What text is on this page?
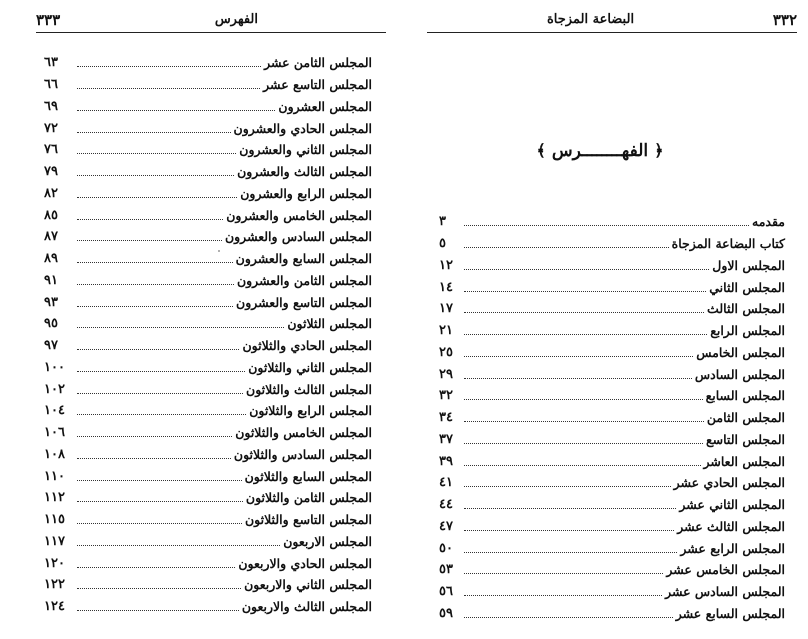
٣٣٣	الفهرس
المجلس الثامن عشر
٦٣
المجلس التاسع عشر
٦٦
المجلس العشرون
٦٩
المجلس الحادي والعشرون
٧٢
المجلس الثاني والعشرون
٧٦
المجلس الثالث والعشرون
٧٩
المجلس الرابع والعشرون
٨٢
المجلس الخامس والعشرون
٨٥
المجلس السادس والعشرون
٨٧
المجلس السابع والعشرون
٨٩
المجلس الثامن والعشرون
٩١
المجلس التاسع والعشرون
٩٣
المجلس الثلاثون
٩٥
المجلس الحادي والثلاثون
٩٧
المجلس الثاني والثلاثون
١٠٠
المجلس الثالث والثلاثون
١٠٢
المجلس الرابع والثلاثون
١٠٤
المجلس الخامس والثلاثون
١٠٦
المجلس السادس والثلاثون
١٠٨
المجلس السابع والثلاثون
١١٠
المجلس الثامن والثلاثون
١١٢
المجلس التاسع والثلاثون
١١٥
المجلس الاربعون
١١٧
المجلس الحادي والاربعون
١٢٠
المجلس الثاني والاربعون
١٢٢
المجلس الثالث والاربعون
١٢٤
البضاعة المزجاة	٣٣٢
﴿ الفهــــــــرس ﴾
مقدمه
٣
كتاب البضاعة المزجاة
٥
المجلس الاول
١٢
المجلس الثاني
١٤
المجلس الثالث
١٧
المجلس الرابع
٢١
المجلس الخامس
٢٥
المجلس السادس
٢٩
المجلس السابع
٣٢
المجلس الثامن
٣٤
المجلس التاسع
٣٧
المجلس العاشر
٣٩
المجلس الحادي عشر
٤١
المجلس الثاني عشر
٤٤
المجلس الثالث عشر
٤٧
المجلس الرابع عشر
٥٠
المجلس الخامس عشر
٥٣
المجلس السادس عشر
٥٦
المجلس السابع عشر
٥٩
